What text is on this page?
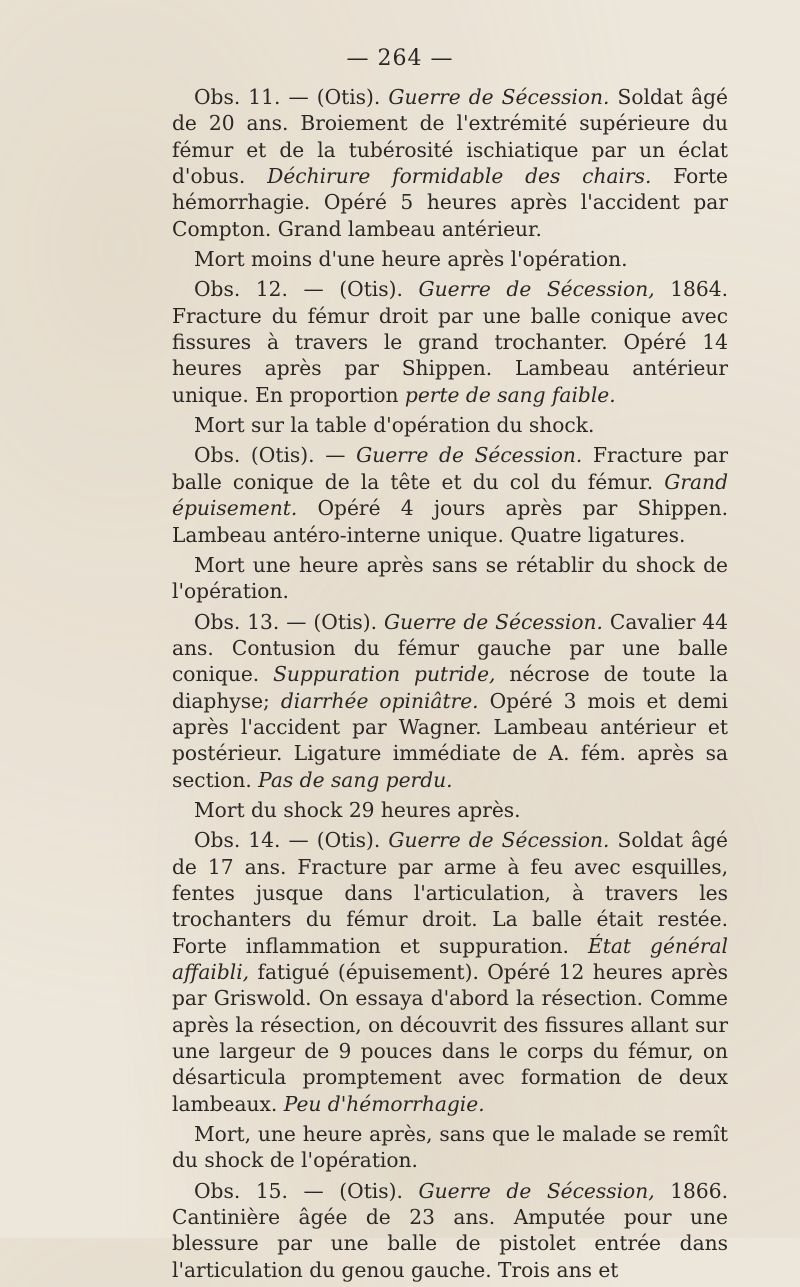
— 264 —

Obs. 11. — (Otis). Guerre de Sécession. Soldat âgé de 20 ans. Broiement de l'extrémité supérieure du fémur et de la tubérosité ischiatique par un éclat d'obus. Déchirure formidable des chairs. Forte hémorrhagie. Opéré 5 heures après l'accident par Compton. Grand lambeau antérieur.

Mort moins d'une heure après l'opération.

Obs. 12. — (Otis). Guerre de Sécession, 1864. Fracture du fémur droit par une balle conique avec fissures à travers le grand trochanter. Opéré 14 heures après par Shippen. Lambeau antérieur unique. En proportion perte de sang faible.

Mort sur la table d'opération du shock.

Obs. (Otis). — Guerre de Sécession. Fracture par balle conique de la tête et du col du fémur. Grand épuisement. Opéré 4 jours après par Shippen. Lambeau antéro-interne unique. Quatre ligatures.

Mort une heure après sans se rétablir du shock de l'opération.

Obs. 13. — (Otis). Guerre de Sécession. Cavalier 44 ans. Contusion du fémur gauche par une balle conique. Suppuration putride, nécrose de toute la diaphyse; diarrhée opiniâtre. Opéré 3 mois et demi après l'accident par Wagner. Lambeau antérieur et postérieur. Ligature immédiate de A. fém. après sa section. Pas de sang perdu.

Mort du shock 29 heures après.

Obs. 14. — (Otis). Guerre de Sécession. Soldat âgé de 17 ans. Fracture par arme à feu avec esquilles, fentes jusque dans l'articulation, à travers les trochanters du fémur droit. La balle était restée. Forte inflammation et suppuration. État général affaibli, fatigué (épuisement). Opéré 12 heures après par Griswold. On essaya d'abord la résection. Comme après la résection, on découvrit des fissures allant sur une largeur de 9 pouces dans le corps du fémur, on désarticula promptement avec formation de deux lambeaux. Peu d'hémorrhagie.

Mort, une heure après, sans que le malade se remît du shock de l'opération.

Obs. 15. — (Otis). Guerre de Sécession, 1866. Cantinière âgée de 23 ans. Amputée pour une blessure par une balle de pistolet entrée dans l'articulation du genou gauche. Trois ans et
